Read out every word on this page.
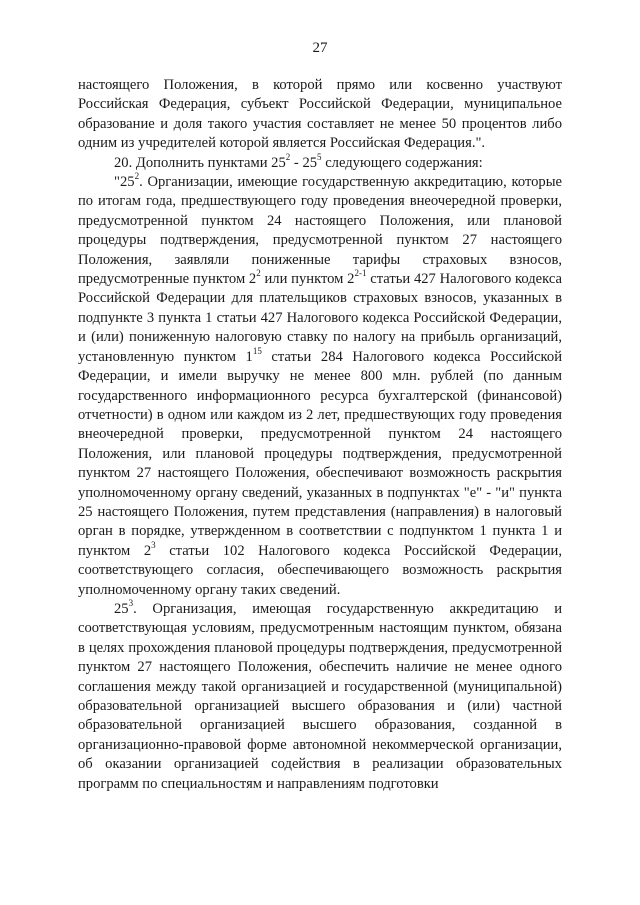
27

настоящего Положения, в которой прямо или косвенно участвуют Российская Федерация, субъект Российской Федерации, муниципальное образование и доля такого участия составляет не менее 50 процентов либо одним из учредителей которой является Российская Федерация.".

20. Дополнить пунктами $25^2 - 25^5$ следующего содержания:

"$25^2$. Организации, имеющие государственную аккредитацию, которые по итогам года, предшествующего году проведения внеочередной проверки, предусмотренной пунктом 24 настоящего Положения, или плановой процедуры подтверждения, предусмотренной пунктом 27 настоящего Положения, заявляли пониженные тарифы страховых взносов, предусмотренные пунктом $2^2$ или пунктом 2$^{2-1}$ статьи 427 Налогового кодекса Российской Федерации для плательщиков страховых взносов, указанных в подпункте 3 пункта 1 статьи 427 Налогового кодекса Российской Федерации, и (или) пониженную налоговую ставку по налогу на прибыль организаций, установленную пунктом $1^{15}$ статьи 284 Налогового кодекса Российской Федерации, и имели выручку не менее 800 млн. рублей (по данным государственного информационного ресурса бухгалтерской (финансовой) отчетности) в одном или каждом из 2 лет, предшествующих году проведения внеочередной проверки, предусмотренной пунктом 24 настоящего Положения, или плановой процедуры подтверждения, предусмотренной пунктом 27 настоящего Положения, обеспечивают возможность раскрытия уполномоченному органу сведений, указанных в подпунктах "е" - "и" пункта 25 настоящего Положения, путем представления (направления) в налоговый орган в порядке, утвержденном в соответствии с подпунктом 1 пункта 1 и пунктом $2^3$ статьи 102 Налогового кодекса Российской Федерации, соответствующего согласия, обеспечивающего возможность раскрытия уполномоченному органу таких сведений.

$25^3$. Организация, имеющая государственную аккредитацию и соответствующая условиям, предусмотренным настоящим пунктом, обязана в целях прохождения плановой процедуры подтверждения, предусмотренной пунктом 27 настоящего Положения, обеспечить наличие не менее одного соглашения между такой организацией и государственной (муниципальной) образовательной организацией высшего образования и (или) частной образовательной организацией высшего образования, созданной в организационно-правовой форме автономной некоммерческой организации, об оказании организацией содействия в реализации образовательных программ по специальностям и направлениям подготовки
